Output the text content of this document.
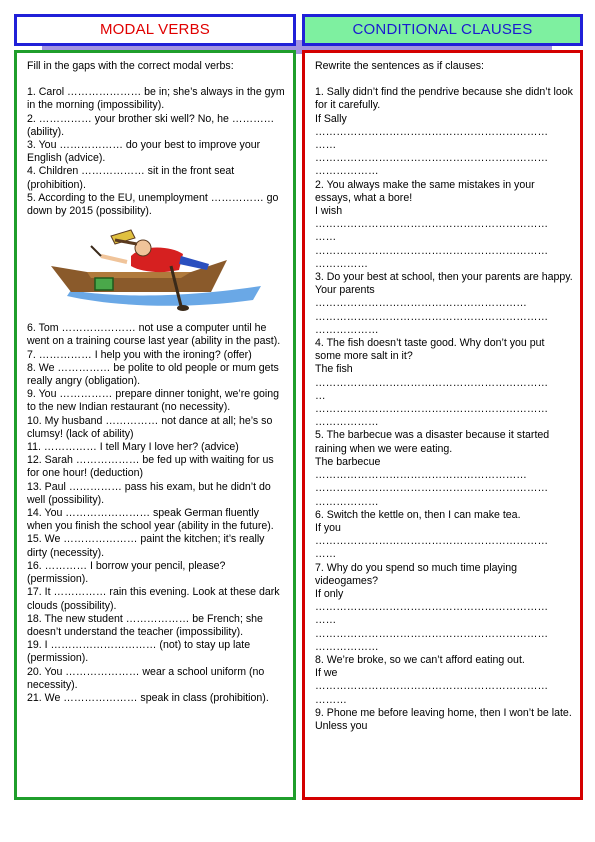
MODAL VERBS	CONDITIONAL CLAUSES
Fill in the gaps with the correct modal verbs:
1. Carol ………………… be in; she’s always in the gym in the morning (impossibility).
2. …………… your brother ski well? No, he ………… (ability).
3. You ……………… do your best to improve your English (advice).
4. Children ……………… sit in the front seat (prohibition).
5. According to the EU, unemployment …………… go down by 2015 (possibility).
6. Tom ………………… not use a computer until he went on a training course last year (ability in the past).
7. …………… I help you with the ironing? (offer)
8. We …………… be polite to old people or mum gets really angry (obligation).
9. You …………… prepare dinner tonight, we’re going to the new Indian restaurant (no necessity).
10. My husband …………… not dance at all; he’s so clumsy! (lack of ability)
11. …………… I tell Mary I love her? (advice)
12. Sarah ……………… be fed up with waiting for us for one hour! (deduction)
13. Paul …………… pass his exam, but he didn’t do well (possibility).
14. You …………………… speak German fluently when you finish the school year (ability in the future).
15. We ………………… paint the kitchen; it’s really dirty (necessity).
16. ………… I borrow your pencil, please? (permission).
17. It …………… rain this evening. Look at these dark clouds (possibility).
18. The new student ……………… be French; she doesn’t understand the teacher (impossibility).
19. I ………………………… (not) to stay up late (permission).
20. You ………………… wear a school uniform (no necessity).
21. We ………………… speak in class (prohibition).
Rewrite the sentences as if clauses:
1. Sally didn’t find the pendrive because she didn’t look for it carefully.
If Sally
…………………………………………………………
……
…………………………………………………………
………………
2. You always make the same mistakes in your essays, what a bore!
I wish
…………………………………………………………
……
…………………………………………………………
……………
3. Do your best at school, then your parents are happy.
Your parents
……………………………………………………
…………………………………………………………
………………
4. The fish doesn’t taste good. Why don’t you put some more salt in it?
The fish
…………………………………………………………
…
…………………………………………………………
………………
5. The barbecue was a disaster because it started raining when we were eating.
The barbecue
……………………………………………………
…………………………………………………………
………………
6. Switch the kettle on, then I can make tea.
If you
…………………………………………………………
……
7. Why do you spend so much time playing videogames?
If only
…………………………………………………………
……
…………………………………………………………
………………
8. We’re broke, so we can’t afford eating out.
If we
…………………………………………………………
………
9. Phone me before leaving home, then I won’t be late.
Unless you
